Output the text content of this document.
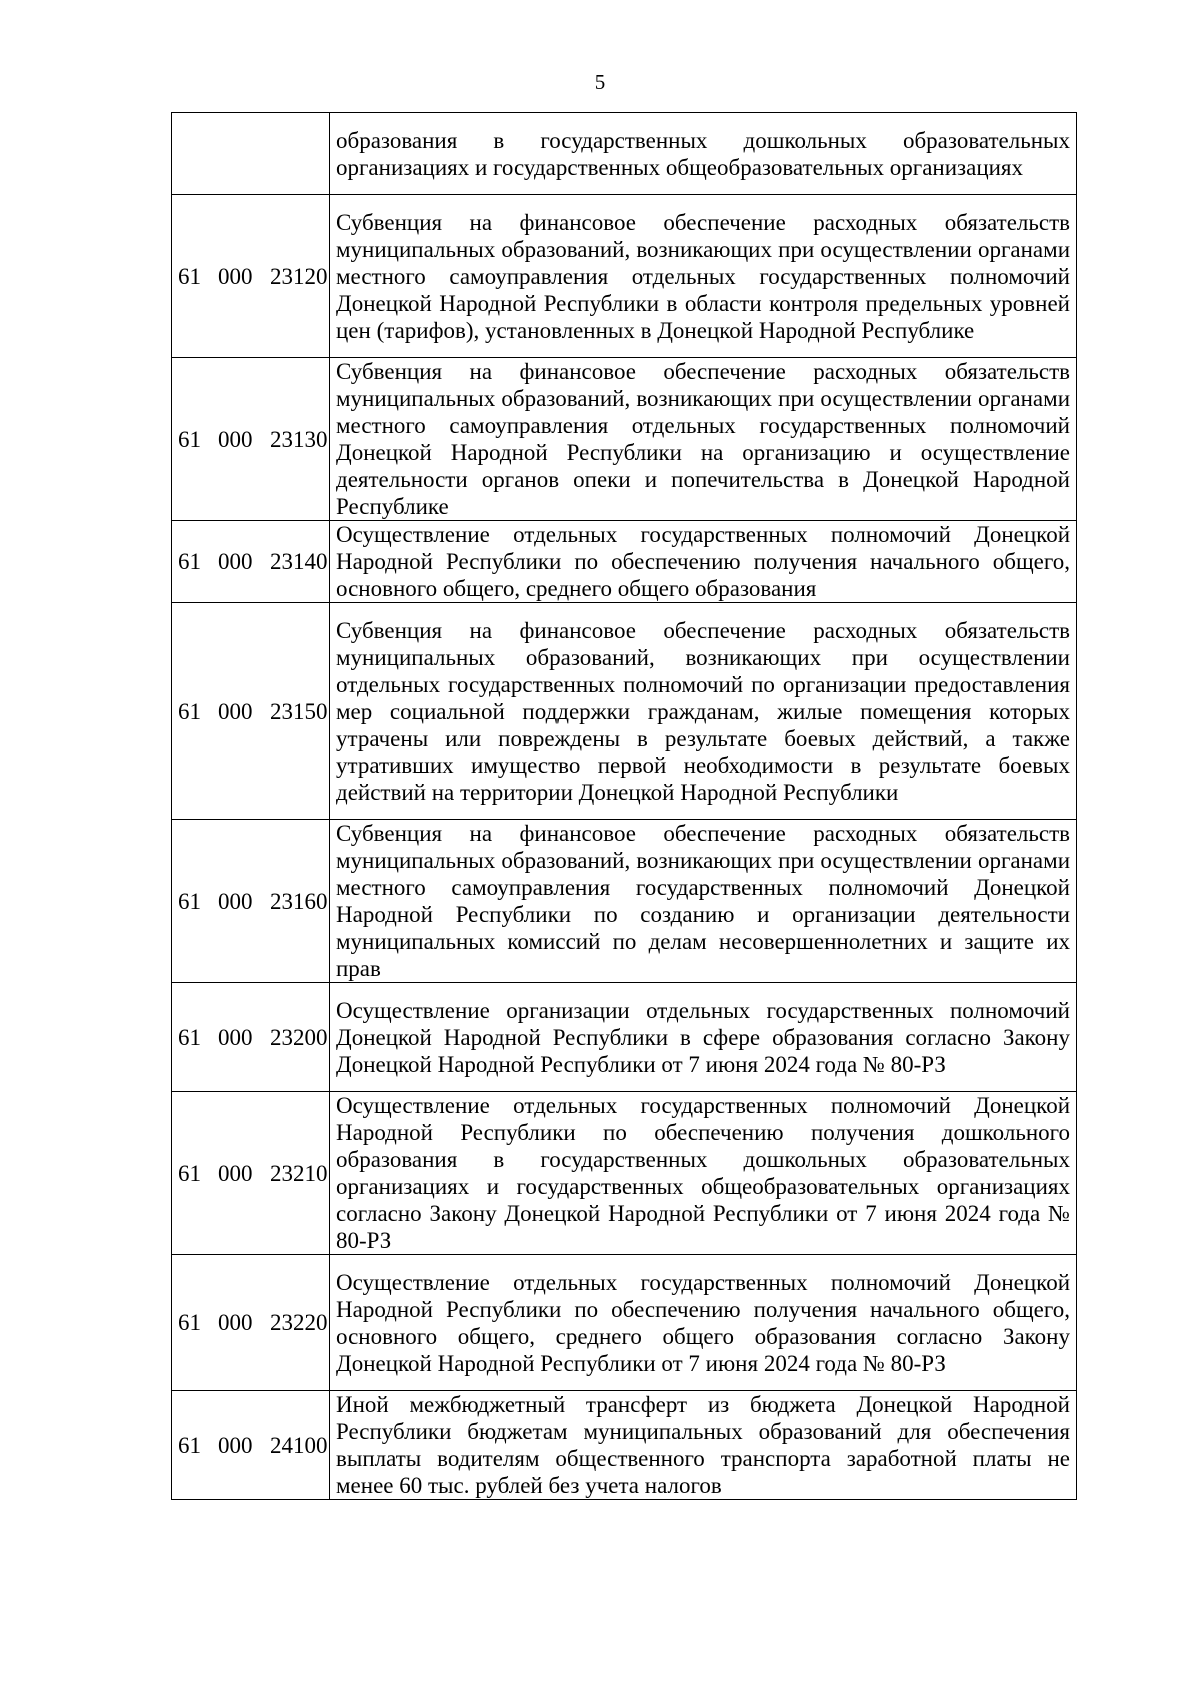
5
	образования в государственных дошкольных образовательных организациях и государственных общеобразовательных организациях
61 000 23120	Субвенция на финансовое обеспечение расходных обязательств муниципальных образований, возникающих при осуществлении органами местного самоуправления отдельных государственных полномочий Донецкой Народной Республики в области контроля предельных уровней цен (тарифов), установленных в Донецкой Народной Республике
61 000 23130	Субвенция на финансовое обеспечение расходных обязательств муниципальных образований, возникающих при осуществлении органами местного самоуправления отдельных государственных полномочий Донецкой Народной Республики на организацию и осуществление деятельности органов опеки и попечительства в Донецкой Народной Республике
61 000 23140	Осуществление отдельных государственных полномочий Донецкой Народной Республики по обеспечению получения начального общего, основного общего, среднего общего образования
61 000 23150	Субвенция на финансовое обеспечение расходных обязательств муниципальных образований, возникающих при осуществлении отдельных государственных полномочий по организации предоставления мер социальной поддержки гражданам, жилые помещения которых утрачены или повреждены в результате боевых действий, а также утративших имущество первой необходимости в результате боевых действий на территории Донецкой Народной Республики
61 000 23160	Субвенция на финансовое обеспечение расходных обязательств муниципальных образований, возникающих при осуществлении органами местного самоуправления государственных полномочий Донецкой Народной Республики по созданию и организации деятельности муниципальных комиссий по делам несовершеннолетних и защите их прав
61 000 23200	Осуществление организации отдельных государственных полномочий Донецкой Народной Республики в сфере образования согласно Закону Донецкой Народной Республики от 7 июня 2024 года № 80-РЗ
61 000 23210	Осуществление отдельных государственных полномочий Донецкой Народной Республики по обеспечению получения дошкольного образования в государственных дошкольных образовательных организациях и государственных общеобразовательных организациях согласно Закону Донецкой Народной Республики от 7 июня 2024 года № 80-РЗ
61 000 23220	Осуществление отдельных государственных полномочий Донецкой Народной Республики по обеспечению получения начального общего, основного общего, среднего общего образования согласно Закону Донецкой Народной Республики от 7 июня 2024 года № 80-РЗ
61 000 24100	Иной межбюджетный трансферт из бюджета Донецкой Народной Республики бюджетам муниципальных образований для обеспечения выплаты водителям общественного транспорта заработной платы не менее 60 тыс. рублей без учета налогов
